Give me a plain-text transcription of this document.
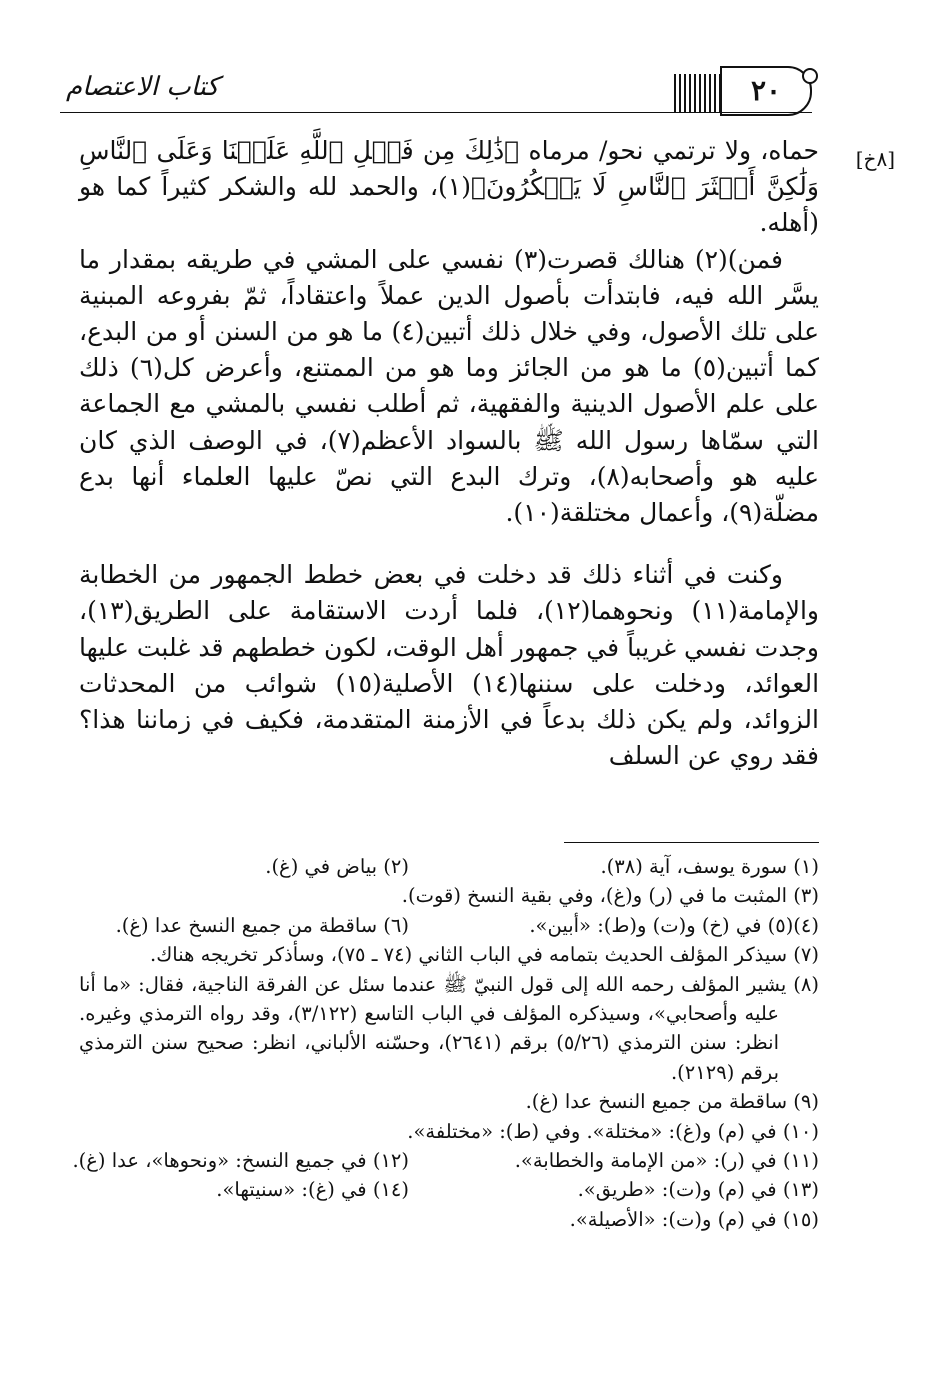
كتاب الاعتصام	٢٠
[٨خ]

حماه، ولا ترتمي نحو/ مرماه ﴿ذَٰلِكَ مِن فَضۡلِ ٱللَّهِ عَلَيۡنَا وَعَلَى ٱلنَّاسِ وَلَٰكِنَّ أَكۡثَرَ ٱلنَّاسِ لَا يَشۡكُرُونَ﴾(١)، والحمد لله والشكر كثيراً كما هو (أهله.

فمن)(٢) هنالك قصرت(٣) نفسي على المشي في طريقه بمقدار ما يسَّر الله فيه، فابتدأت بأصول الدين عملاً واعتقاداً، ثمّ بفروعه المبنية على تلك الأصول، وفي خلال ذلك أتبين(٤) ما هو من السنن أو من البدع، كما أتبين(٥) ما هو من الجائز وما هو من الممتنع، وأعرض كل(٦) ذلك على علم الأصول الدينية والفقهية، ثم أطلب نفسي بالمشي مع الجماعة التي سمّاها رسول الله ﷺ بالسواد الأعظم(٧)، في الوصف الذي كان عليه هو وأصحابه(٨)، وترك البدع التي نصّ عليها العلماء أنها بدع مضلّة(٩)، وأعمال مختلقة(١٠).

وكنت في أثناء ذلك قد دخلت في بعض خطط الجمهور من الخطابة والإمامة(١١) ونحوهما(١٢)، فلما أردت الاستقامة على الطريق(١٣)، وجدت نفسي غريباً في جمهور أهل الوقت، لكون خططهم قد غلبت عليها العوائد، ودخلت على سننها(١٤) الأصلية(١٥) شوائب من المحدثات الزوائد، ولم يكن ذلك بدعاً في الأزمنة المتقدمة، فكيف في زماننا هذا؟ فقد روي عن السلف

(١) سورة يوسف، آية (٣٨).

(٢) بياض في (غ).

(٣) المثبت ما في (ر) و(غ)، وفي بقية النسخ (قوت).

(٤)(٥) في (خ) و(ت) و(ط): «أبين».

(٦) ساقطة من جميع النسخ عدا (غ).

(٧) سيذكر المؤلف الحديث بتمامه في الباب الثاني (٧٤ ـ ٧٥)، وسأذكر تخريجه هناك.

(٨) يشير المؤلف رحمه الله إلى قول النبيّ ﷺ عندما سئل عن الفرقة الناجية، فقال: «ما أنا عليه وأصحابي»، وسيذكره المؤلف في الباب التاسع (٣/١٢٢)، وقد رواه الترمذي وغيره. انظر: سنن الترمذي (٥/٢٦) برقم (٢٦٤١)، وحسّنه الألباني، انظر: صحيح سنن الترمذي برقم (٢١٢٩).

(٩) ساقطة من جميع النسخ عدا (غ).

(١٠) في (م) و(غ): «مختلة». وفي (ط): «مختلفة».

(١١) في (ر): «من الإمامة والخطابة».

(١٢) في جميع النسخ: «ونحوها»، عدا (غ).

(١٣) في (م) و(ت): «طريق».

(١٤) في (غ): «سنيتها».

(١٥) في (م) و(ت): «الأصيلة».
